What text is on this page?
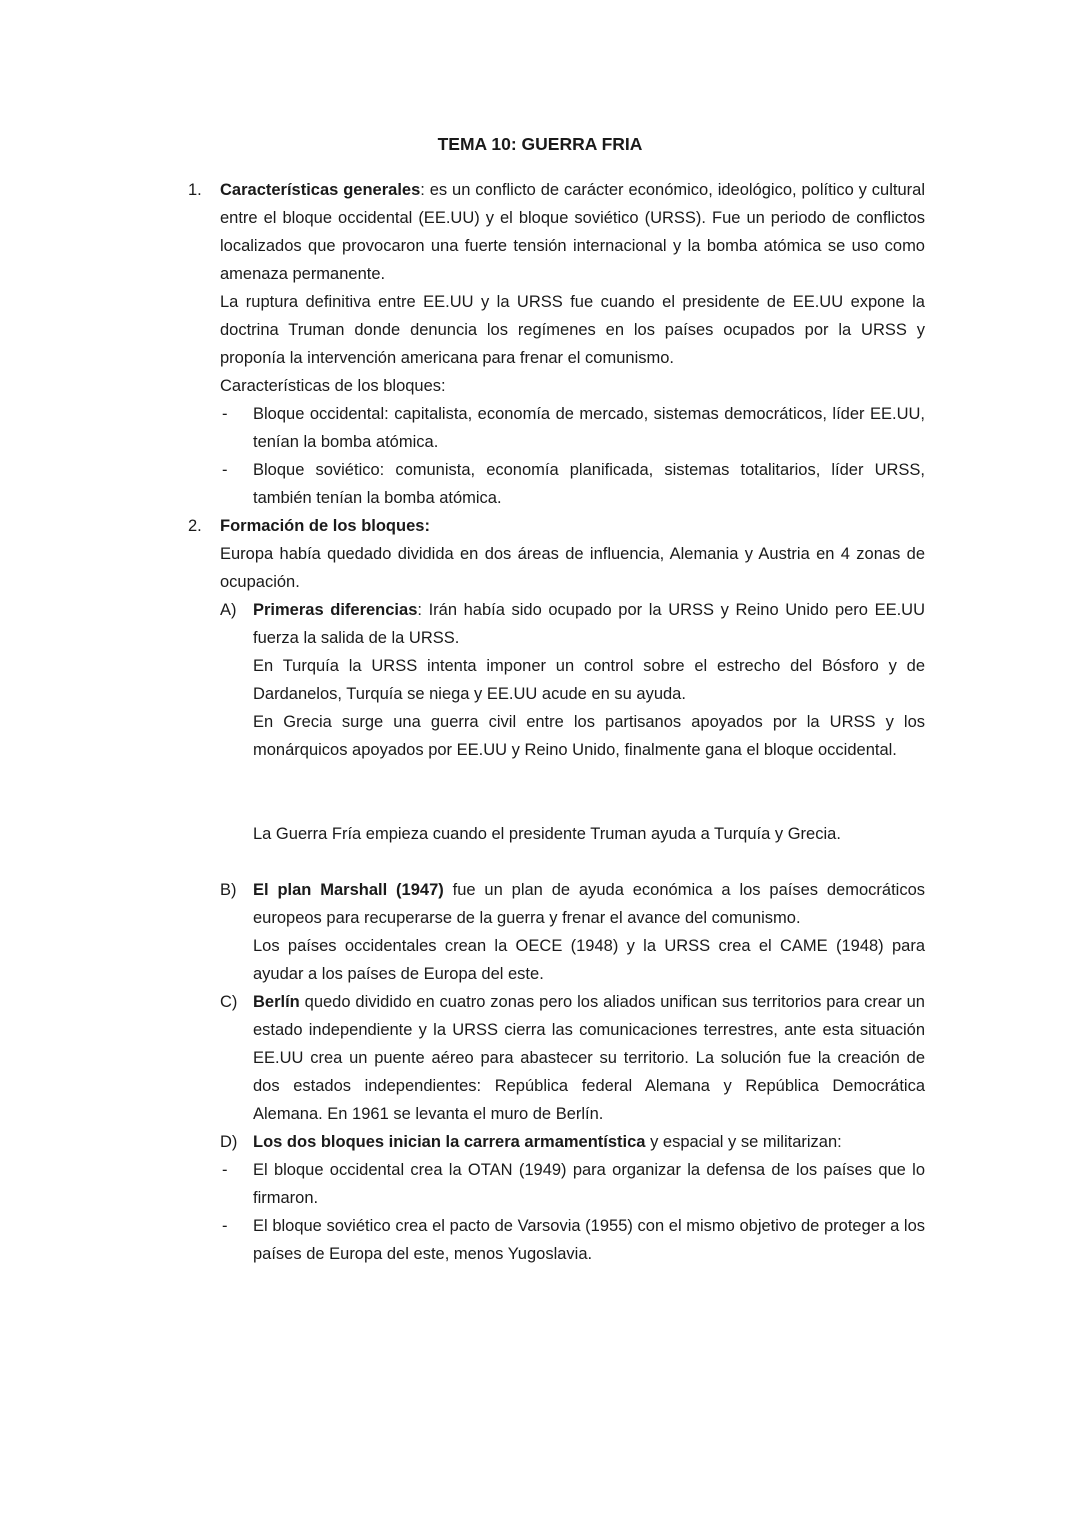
TEMA 10: GUERRA FRIA
1.	Características generales: es un conflicto de carácter económico, ideológico, político y cultural entre el bloque occidental (EE.UU) y el bloque soviético (URSS). Fue un periodo de conflictos localizados que provocaron una fuerte tensión internacional y la bomba atómica se uso como amenaza permanente.

La ruptura definitiva entre EE.UU y la URSS fue cuando el presidente de EE.UU expone la doctrina Truman donde denuncia los regímenes en los países ocupados por la URSS y proponía la intervención americana para frenar el comunismo.

Características de los bloques:

-	Bloque occidental: capitalista, economía de mercado, sistemas democráticos, líder EE.UU, tenían la bomba atómica.

-	Bloque soviético: comunista, economía planificada, sistemas totalitarios, líder URSS, también tenían la bomba atómica.

2.	Formación de los bloques:

Europa había quedado dividida en dos áreas de influencia, Alemania y Austria en 4 zonas de ocupación.

A)	Primeras diferencias: Irán había sido ocupado por la URSS y Reino Unido pero EE.UU fuerza la salida de la URSS.

En Turquía la URSS intenta imponer un control sobre el estrecho del Bósforo y de Dardanelos, Turquía se niega y EE.UU acude en su ayuda.

En Grecia surge una guerra civil entre los partisanos apoyados por la URSS y los monárquicos apoyados por EE.UU y Reino Unido, finalmente gana el bloque occidental.

La Guerra Fría empieza cuando el presidente Truman ayuda a Turquía y Grecia.

B)	El plan Marshall (1947) fue un plan de ayuda económica a los países democráticos europeos para recuperarse de la guerra y frenar el avance del comunismo.

Los países occidentales crean la OECE (1948) y la URSS crea el CAME (1948) para ayudar a los países de Europa del este.

C) Berlín quedo dividido en cuatro zonas pero los aliados unifican sus territorios para crear un estado independiente y la URSS cierra las comunicaciones terrestres, ante esta situación EE.UU crea un puente aéreo para abastecer su territorio. La solución fue la creación de dos estados independientes: República federal Alemana y República Democrática Alemana. En 1961 se levanta el muro de Berlín.

D) Los dos bloques inician la carrera armamentística y espacial y se militarizan:

-	El bloque occidental crea la OTAN (1949) para organizar la defensa de los países que lo firmaron.

-	El bloque soviético crea el pacto de Varsovia (1955) con el mismo objetivo de proteger a los países de Europa del este, menos Yugoslavia.
